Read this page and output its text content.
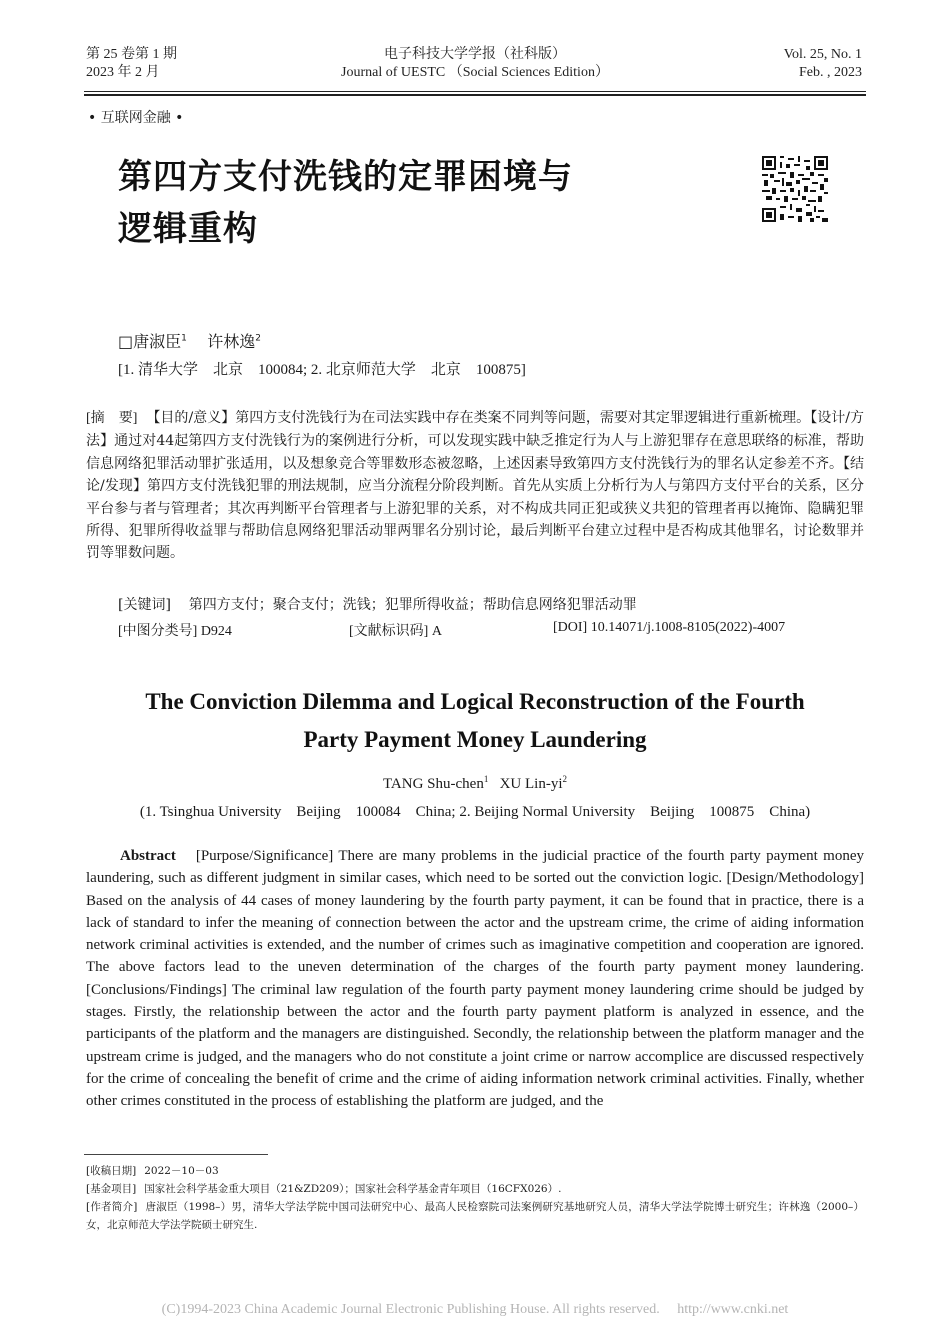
第 25 卷第 1 期
2023 年 2 月
电子科技大学学报（社科版）
Journal of UESTC （Social Sciences Edition）
Vol. 25, No. 1
Feb. , 2023
• 互联网金融 •
第四方支付洗钱的定罪困境与
逻辑重构
□唐淑臣$^1$ 许林逸$^2$
[1. 清华大学　北京　100084; 2. 北京师范大学　北京　100875]
[摘　要] 【目的/意义】第四方支付洗钱行为在司法实践中存在类案不同判等问题，需要对其定罪逻辑进行重新梳理。【设计/方法】通过对44起第四方支付洗钱行为的案例进行分析，可以发现实践中缺乏推定行为人与上游犯罪存在意思联络的标准，帮助信息网络犯罪活动罪扩张适用，以及想象竞合等罪数形态被忽略，上述因素导致第四方支付洗钱行为的罪名认定参差不齐。【结论/发现】第四方支付洗钱犯罪的刑法规制，应当分流程分阶段判断。首先从实质上分析行为人与第四方支付平台的关系，区分平台参与者与管理者；其次再判断平台管理者与上游犯罪的关系，对不构成共同正犯或狭义共犯的管理者再以掩饰、隐瞒犯罪所得、犯罪所得收益罪与帮助信息网络犯罪活动罪两罪名分别讨论，最后判断平台建立过程中是否构成其他罪名，讨论数罪并罚等罪数问题。
[关键词] 第四方支付；聚合支付；洗钱；犯罪所得收益；帮助信息网络犯罪活动罪
[中图分类号] D924	[文献标识码] A	[DOI] 10.14071/j.1008-8105(2022)-4007
The Conviction Dilemma and Logical Reconstruction of the Fourth
Party Payment Money Laundering
TANG Shu-chen$^1$ XU Lin-$yi^2$
(1. Tsinghua University　Beijing　100084　China; 2. Beijing Normal University　Beijing　100875　China)
Abstract [Purpose/Significance] There are many problems in the judicial practice of the fourth party payment money laundering, such as different judgment in similar cases, which need to be sorted out the conviction logic. [Design/Methodology] Based on the analysis of 44 cases of money laundering by the fourth party payment, it can be found that in practice, there is a lack of standard to infer the meaning of connection between the actor and the upstream crime, the crime of aiding information network criminal activities is extended, and the number of crimes such as imaginative competition and cooperation are ignored. The above factors lead to the uneven determination of the charges of the fourth party payment money laundering. [Conclusions/Findings] The criminal law regulation of the fourth party payment money laundering crime should be judged by stages. Firstly, the relationship between the actor and the fourth party payment platform is analyzed in essence, and the participants of the platform and the managers are distinguished. Secondly, the relationship between the platform manager and the upstream crime is judged, and the managers who do not constitute a joint crime or narrow accomplice are discussed respectively for the crime of concealing the benefit of crime and the crime of aiding information network criminal activities. Finally, whether other crimes constituted in the process of establishing the platform are judged, and the

[收稿日期] 2022－10－03

[基金项目] 国家社会科学基金重大项目（21&ZD209）；国家社会科学基金青年项目（16CFX026）.

[作者简介] 唐淑臣（1998–）男，清华大学法学院中国司法研究中心、最高人民检察院司法案例研究基地研究人员，清华大学法学院博士研究生；许林逸（2000–）女，北京师范大学法学院硕士研究生.

(C)1994-2023 China Academic Journal Electronic Publishing House. All rights reserved.　 http://www.cnki.net
